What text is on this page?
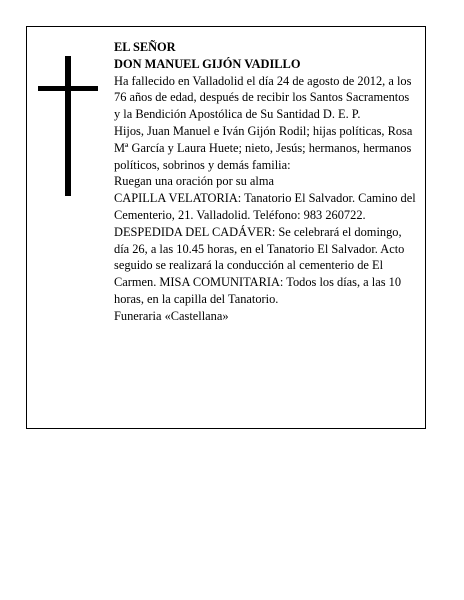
EL SEÑOR

DON MANUEL GIJÓN VADILLO

Ha fallecido en Valladolid el día 24 de agosto de 2012, a los 76 años de edad, después de recibir los Santos Sacramentos y la Bendición Apostólica de Su Santidad D. E. P.

Hijos, Juan Manuel e Iván Gijón Rodil; hijas políticas, Rosa Mª García y Laura Huete; nieto, Jesús; hermanos, hermanos políticos, sobrinos y demás familia:

Ruegan una oración por su alma

CAPILLA VELATORIA: Tanatorio El Salvador. Camino del Cementerio, 21. Valladolid. Teléfono: 983 260722.

DESPEDIDA DEL CADÁVER: Se celebrará el domingo, día 26, a las 10.45 horas, en el Tanatorio El Salvador. Acto seguido se realizará la conducción al cementerio de El Carmen. MISA COMUNITARIA: Todos los días, a las 10 horas, en la capilla del Tanatorio.

Funeraria «Castellana»
